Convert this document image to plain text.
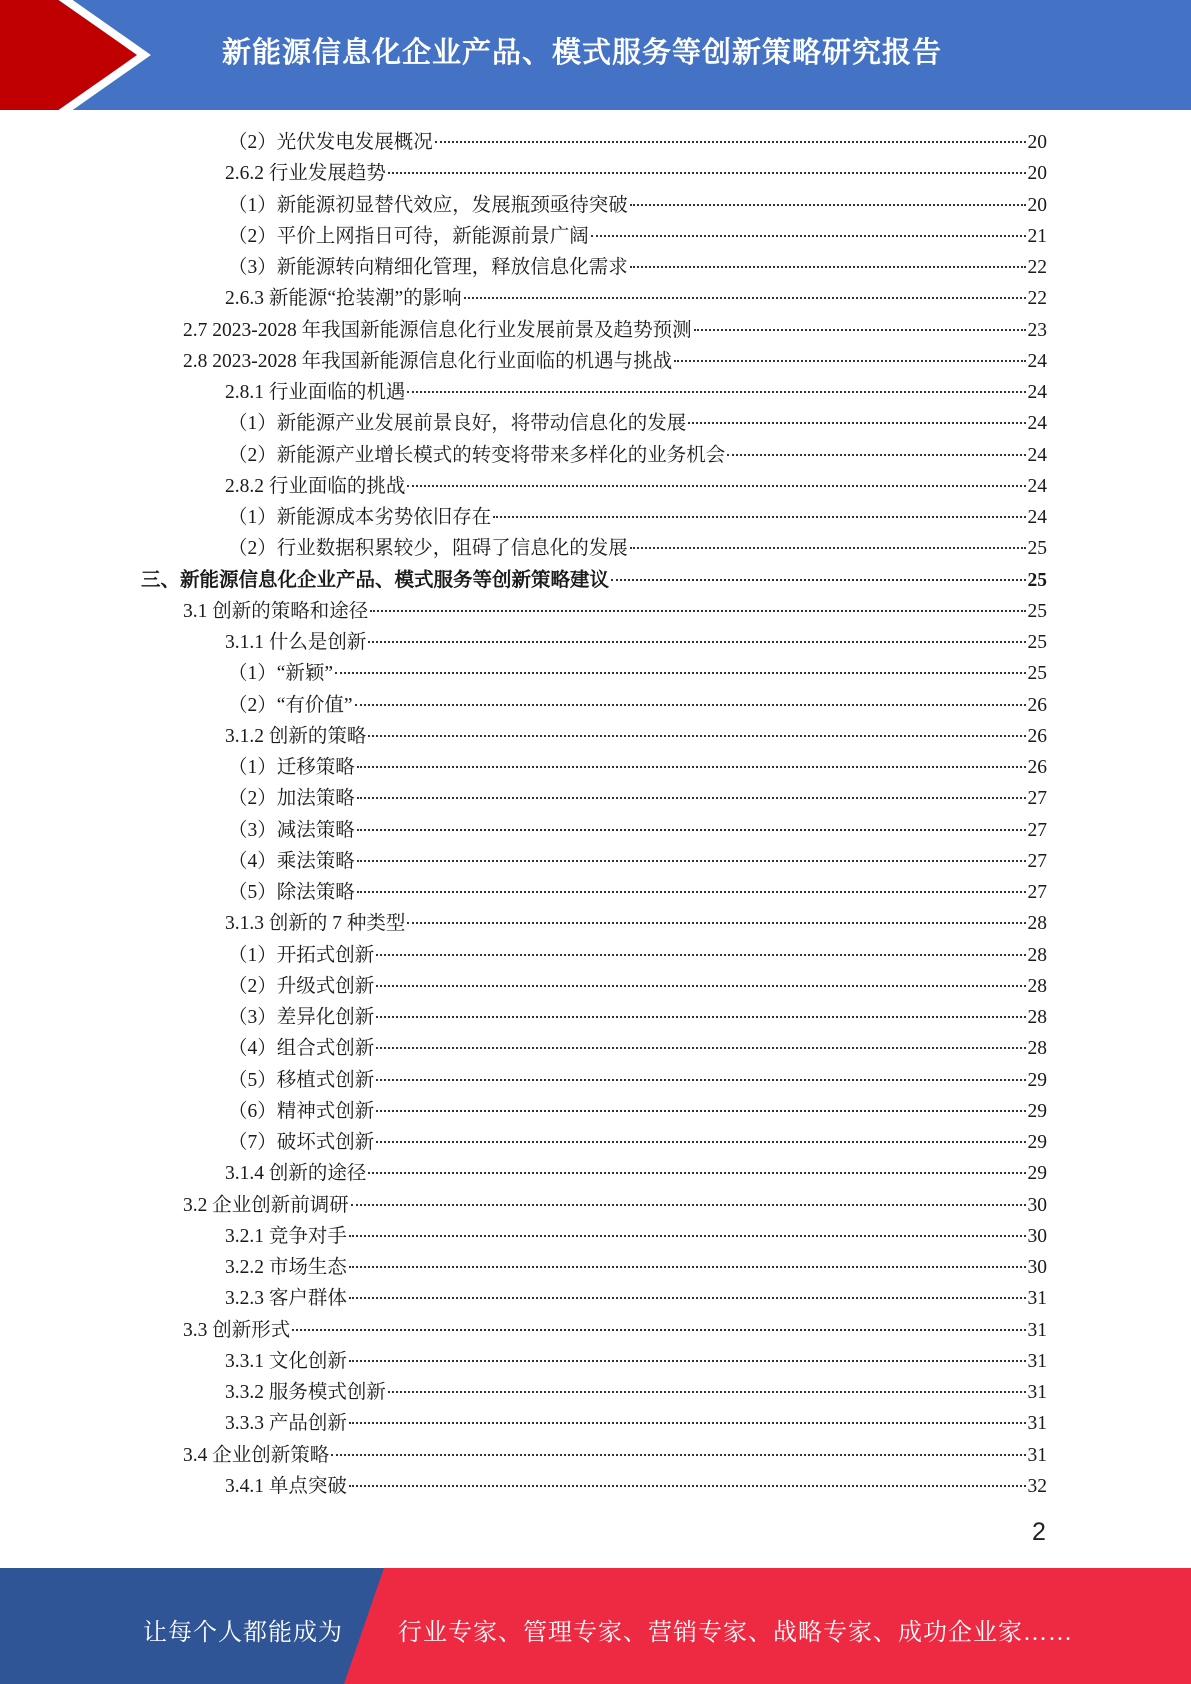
新能源信息化企业产品、模式服务等创新策略研究报告
（2）光伏发电发展概况	20
2.6.2 行业发展趋势	20
（1）新能源初显替代效应，发展瓶颈亟待突破	20
（2）平价上网指日可待，新能源前景广阔	21
（3）新能源转向精细化管理，释放信息化需求	22
2.6.3 新能源“抢装潮”的影响	22
2.7 2023-2028 年我国新能源信息化行业发展前景及趋势预测	23
2.8 2023-2028 年我国新能源信息化行业面临的机遇与挑战	24
2.8.1 行业面临的机遇	24
（1）新能源产业发展前景良好，将带动信息化的发展	24
（2）新能源产业增长模式的转变将带来多样化的业务机会	24
2.8.2 行业面临的挑战	24
（1）新能源成本劣势依旧存在	24
（2）行业数据积累较少，阻碍了信息化的发展	25
三、新能源信息化企业产品、模式服务等创新策略建议	25
3.1 创新的策略和途径	25
3.1.1 什么是创新	25
（1）“新颖”	25
（2）“有价值”	26
3.1.2 创新的策略	26
（1）迁移策略	26
（2）加法策略	27
（3）减法策略	27
（4）乘法策略	27
（5）除法策略	27
3.1.3 创新的 7 种类型	28
（1）开拓式创新	28
（2）升级式创新	28
（3）差异化创新	28
（4）组合式创新	28
（5）移植式创新	29
（6）精神式创新	29
（7）破坏式创新	29
3.1.4 创新的途径	29
3.2 企业创新前调研	30
3.2.1 竞争对手	30
3.2.2 市场生态	30
3.2.3 客户群体	31
3.3 创新形式	31
3.3.1 文化创新	31
3.3.2 服务模式创新	31
3.3.3 产品创新	31
3.4 企业创新策略	31
3.4.1 单点突破	32
2
让每个人都能成为 行业专家、管理专家、营销专家、战略专家、成功企业家……
